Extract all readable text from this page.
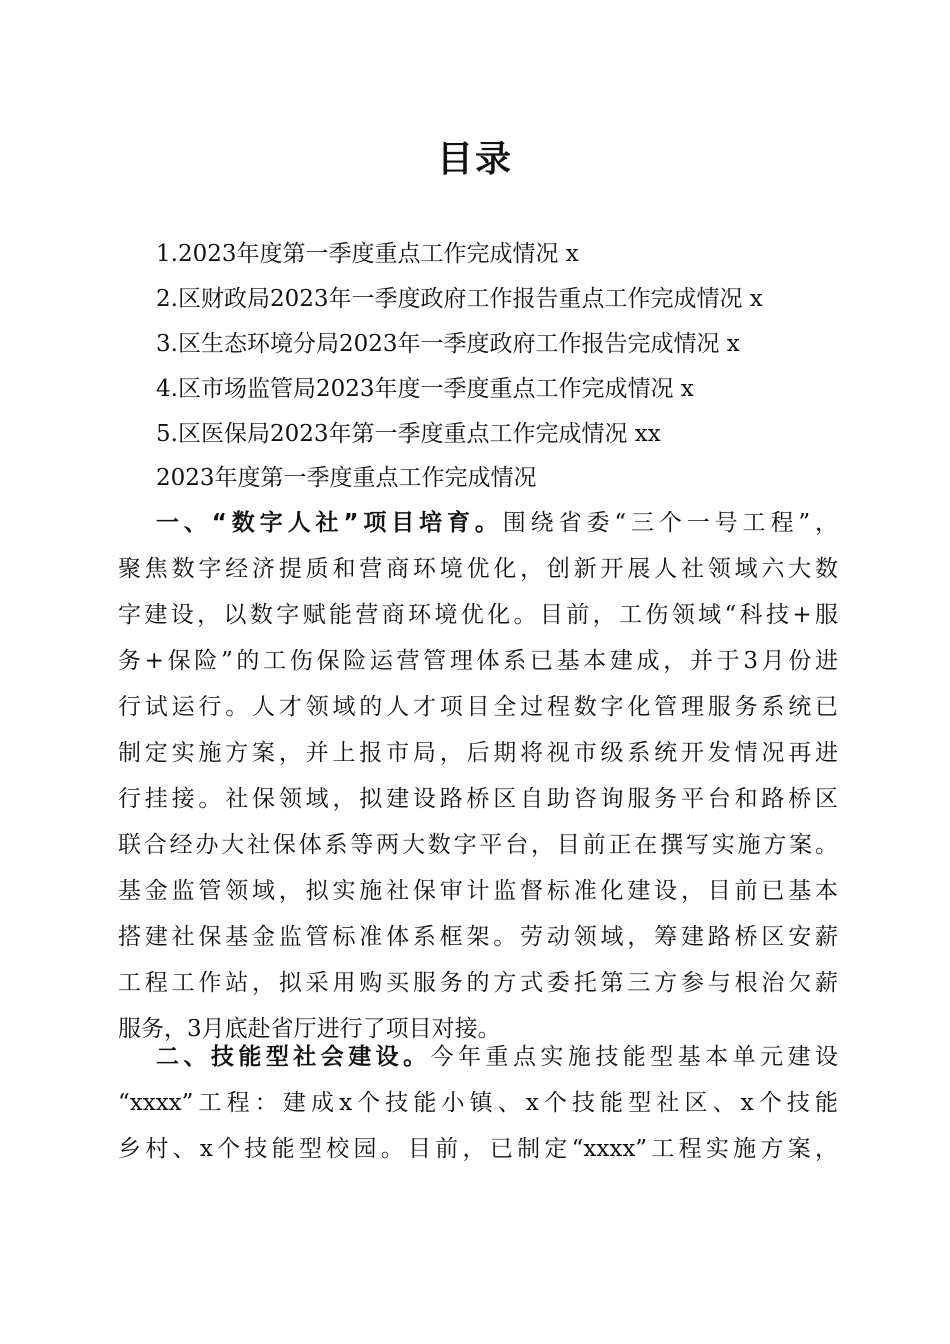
目录
1.2023年度第一季度重点工作完成情况 x
2.区财政局2023年一季度政府工作报告重点工作完成情况 x
3.区生态环境分局2023年一季度政府工作报告完成情况 x
4.区市场监管局2023年度一季度重点工作完成情况 x
5.区医保局2023年第一季度重点工作完成情况 xx
2023年度第一季度重点工作完成情况
一、“数字人社”项目培育。围绕省委“三个一号工程”，
聚焦数字经济提质和营商环境优化，创新开展人社领域六大数
字建设，以数字赋能营商环境优化。目前，工伤领域“科技+服
务+保险”的工伤保险运营管理体系已基本建成，并于3月份进
行试运行。人才领域的人才项目全过程数字化管理服务系统已
制定实施方案，并上报市局，后期将视市级系统开发情况再进
行挂接。社保领域，拟建设路桥区自助咨询服务平台和路桥区
联合经办大社保体系等两大数字平台，目前正在撰写实施方案。
基金监管领域，拟实施社保审计监督标准化建设，目前已基本
搭建社保基金监管标准体系框架。劳动领域，筹建路桥区安薪
工程工作站，拟采用购买服务的方式委托第三方参与根治欠薪
服务，3月底赴省厅进行了项目对接。
二、技能型社会建设。今年重点实施技能型基本单元建设
“xxxx”工程：建成x个技能小镇、x个技能型社区、x个技能
乡村、x个技能型校园。目前，已制定“xxxx”工程实施方案，
